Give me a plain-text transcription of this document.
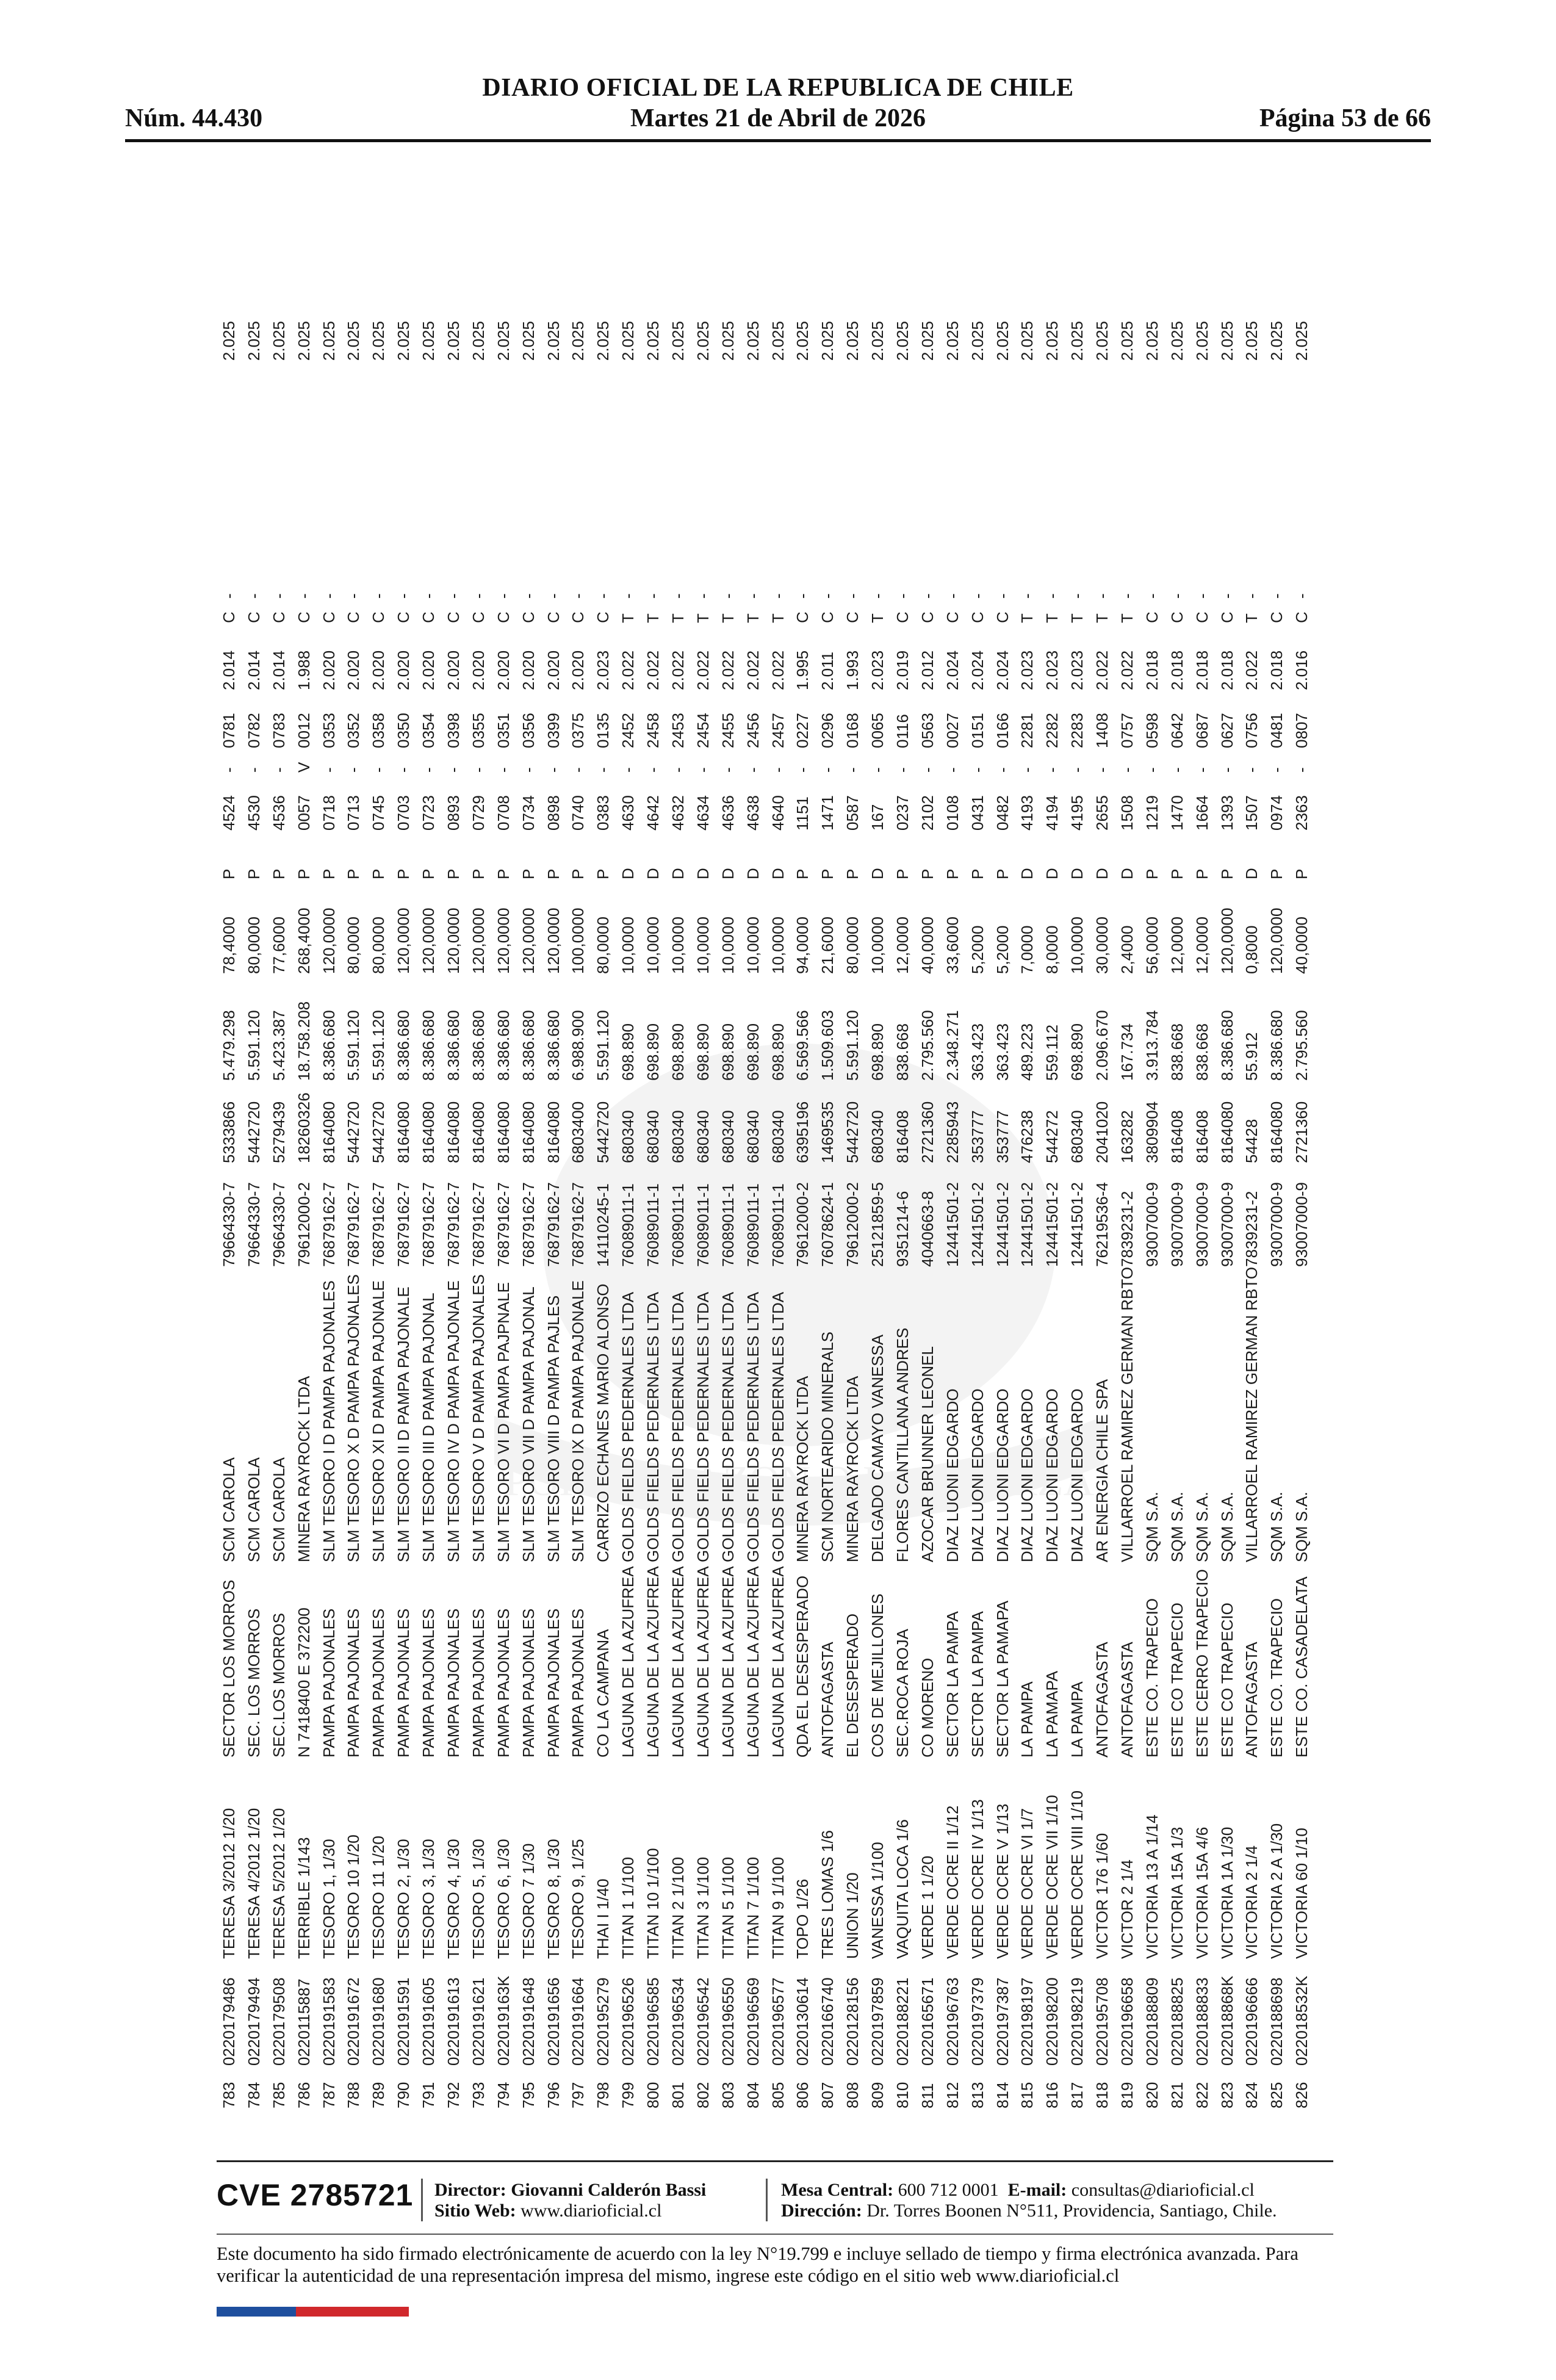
DIARIO OFICIAL DE LA REPUBLICA DE CHILE
Núm. 44.430	Martes 21 de Abril de 2026	Página 53 de 66
POR LA RAZON O LA FUERZA
783	0220179486	TERESA 3/2012 1/20	SECTOR LOS MORROS	SCM CAROLA	79664330-7	5333866	5.479.298	78,4000	P	4524	-	0781	2.014	C	-	2.025
784	0220179494	TERESA 4/2012 1/20	SEC. LOS MORROS	SCM CAROLA	79664330-7	5442720	5.591.120	80,0000	P	4530	-	0782	2.014	C	-	2.025
785	0220179508	TERESA 5/2012 1/20	SEC.LOS MORROS	SCM CAROLA	79664330-7	5279439	5.423.387	77,6000	P	4536	-	0783	2.014	C	-	2.025
786	0220115887	TERRIBLE 1/143	N 7418400 E 372200	MINERA RAYROCK LTDA	79612000-2	18260326	18.758.208	268,4000	P	0057	V	0012	1.988	C	-	2.025
787	0220191583	TESORO 1, 1/30	PAMPA PAJONALES	SLM TESORO I D PAMPA PAJONALES	76879162-7	8164080	8.386.680	120,0000	P	0718	-	0353	2.020	C	-	2.025
788	0220191672	TESORO 10 1/20	PAMPA PAJONALES	SLM TESORO X D PAMPA PAJONALES	76879162-7	5442720	5.591.120	80,0000	P	0713	-	0352	2.020	C	-	2.025
789	0220191680	TESORO 11 1/20	PAMPA PAJONALES	SLM TESORO XI D PAMPA PAJONALE	76879162-7	5442720	5.591.120	80,0000	P	0745	-	0358	2.020	C	-	2.025
790	0220191591	TESORO 2, 1/30	PAMPA PAJONALES	SLM TESORO II D PAMPA PAJONALE	76879162-7	8164080	8.386.680	120,0000	P	0703	-	0350	2.020	C	-	2.025
791	0220191605	TESORO 3, 1/30	PAMPA PAJONALES	SLM TESORO III D PAMPA PAJONAL	76879162-7	8164080	8.386.680	120,0000	P	0723	-	0354	2.020	C	-	2.025
792	0220191613	TESORO 4, 1/30	PAMPA PAJONALES	SLM TESORO IV D PAMPA PAJONALE	76879162-7	8164080	8.386.680	120,0000	P	0893	-	0398	2.020	C	-	2.025
793	0220191621	TESORO 5, 1/30	PAMPA PAJONALES	SLM TESORO V D PAMPA PAJONALES	76879162-7	8164080	8.386.680	120,0000	P	0729	-	0355	2.020	C	-	2.025
794	022019163K	TESORO 6, 1/30	PAMPA PAJONALES	SLM TESORO VI D PAMPA PAJPNALE	76879162-7	8164080	8.386.680	120,0000	P	0708	-	0351	2.020	C	-	2.025
795	0220191648	TESORO 7 1/30	PAMPA PAJONALES	SLM TESORO VII D PAMPA PAJONAL	76879162-7	8164080	8.386.680	120,0000	P	0734	-	0356	2.020	C	-	2.025
796	0220191656	TESORO 8, 1/30	PAMPA PAJONALES	SLM TESORO VIII D PAMPA PAJLES	76879162-7	8164080	8.386.680	120,0000	P	0898	-	0399	2.020	C	-	2.025
797	0220191664	TESORO 9, 1/25	PAMPA PAJONALES	SLM TESORO IX D PAMPA PAJONALE	76879162-7	6803400	6.988.900	100,0000	P	0740	-	0375	2.020	C	-	2.025
798	0220195279	THAI I 1/40	CO LA CAMPANA	CARRIZO ECHANES MARIO ALONSO	14110245-1	5442720	5.591.120	80,0000	P	0383	-	0135	2.023	C	-	2.025
799	0220196526	TITAN 1 1/100	LAGUNA DE LA AZUFREA	GOLDS FIELDS PEDERNALES LTDA	76089011-1	680340	698.890	10,0000	D	4630	-	2452	2.022	T	-	2.025
800	0220196585	TITAN 10 1/100	LAGUNA DE LA AZUFREA	GOLDS FIELDS PEDERNALES LTDA	76089011-1	680340	698.890	10,0000	D	4642	-	2458	2.022	T	-	2.025
801	0220196534	TITAN 2 1/100	LAGUNA DE LA AZUFREA	GOLDS FIELDS PEDERNALES LTDA	76089011-1	680340	698.890	10,0000	D	4632	-	2453	2.022	T	-	2.025
802	0220196542	TITAN 3 1/100	LAGUNA DE LA AZUFREA	GOLDS FIELDS PEDERNALES LTDA	76089011-1	680340	698.890	10,0000	D	4634	-	2454	2.022	T	-	2.025
803	0220196550	TITAN 5 1/100	LAGUNA DE LA AZUFREA	GOLDS FIELDS PEDERNALES LTDA	76089011-1	680340	698.890	10,0000	D	4636	-	2455	2.022	T	-	2.025
804	0220196569	TITAN 7 1/100	LAGUNA DE LA AZUFREA	GOLDS FIELDS PEDERNALES LTDA	76089011-1	680340	698.890	10,0000	D	4638	-	2456	2.022	T	-	2.025
805	0220196577	TITAN 9 1/100	LAGUNA DE LA AZUFREA	GOLDS FIELDS PEDERNALES LTDA	76089011-1	680340	698.890	10,0000	D	4640	-	2457	2.022	T	-	2.025
806	0220130614	TOPO 1/26	QDA EL DESESPERADO	MINERA RAYROCK LTDA	79612000-2	6395196	6.569.566	94,0000	P	1151	-	0227	1.995	C	-	2.025
807	0220166740	TRES LOMAS 1/6	ANTOFAGASTA	SCM NORTEARIDO MINERALS	76078624-1	1469535	1.509.603	21,6000	P	1471	-	0296	2.011	C	-	2.025
808	0220128156	UNION 1/20	EL DESESPERADO	MINERA RAYROCK LTDA	79612000-2	5442720	5.591.120	80,0000	P	0587	-	0168	1.993	C	-	2.025
809	0220197859	VANESSA 1/100	COS DE MEJILLONES	DELGADO CAMAYO VANESSA	25121859-5	680340	698.890	10,0000	D	167	-	0065	2.023	T	-	2.025
810	0220188221	VAQUITA LOCA 1/6	SEC.ROCA ROJA	FLORES CANTILLANA ANDRES	9351214-6	816408	838.668	12,0000	P	0237	-	0116	2.019	C	-	2.025
811	0220165671	VERDE 1 1/20	CO MORENO	AZOCAR BRUNNER LEONEL	4040663-8	2721360	2.795.560	40,0000	P	2102	-	0563	2.012	C	-	2.025
812	0220196763	VERDE OCRE II 1/12	SECTOR LA PAMPA	DIAZ LUONI EDGARDO	12441501-2	2285943	2.348.271	33,6000	P	0108	-	0027	2.024	C	-	2.025
813	0220197379	VERDE OCRE IV 1/13	SECTOR LA PAMPA	DIAZ LUONI EDGARDO	12441501-2	353777	363.423	5,2000	P	0431	-	0151	2.024	C	-	2.025
814	0220197387	VERDE OCRE V 1/13	SECTOR LA PAMAPA	DIAZ LUONI EDGARDO	12441501-2	353777	363.423	5,2000	P	0482	-	0166	2.024	C	-	2.025
815	0220198197	VERDE OCRE VI 1/7	LA PAMPA	DIAZ LUONI EDGARDO	12441501-2	476238	489.223	7,0000	D	4193	-	2281	2.023	T	-	2.025
816	0220198200	VERDE OCRE VII 1/10	LA PAMAPA	DIAZ LUONI EDGARDO	12441501-2	544272	559.112	8,0000	D	4194	-	2282	2.023	T	-	2.025
817	0220198219	VERDE OCRE VIII 1/10	LA PAMPA	DIAZ LUONI EDGARDO	12441501-2	680340	698.890	10,0000	D	4195	-	2283	2.023	T	-	2.025
818	0220195708	VICTOR 176 1/60	ANTOFAGASTA	AR ENERGIA CHILE SPA	76219536-4	2041020	2.096.670	30,0000	D	2655	-	1408	2.022	T	-	2.025
819	0220196658	VICTOR 2 1/4	ANTOFAGASTA	VILLARROEL RAMIREZ GERMAN RBTO	7839231-2	163282	167.734	2,4000	D	1508	-	0757	2.022	T	-	2.025
820	0220188809	VICTORIA 13 A 1/14	ESTE CO. TRAPECIO	SQM S.A.	93007000-9	3809904	3.913.784	56,0000	P	1219	-	0598	2.018	C	-	2.025
821	0220188825	VICTORIA 15A 1/3	ESTE CO TRAPECIO	SQM S.A.	93007000-9	816408	838.668	12,0000	P	1470	-	0642	2.018	C	-	2.025
822	0220188833	VICTORIA 15A 4/6	ESTE CERRO TRAPECIO	SQM S.A.	93007000-9	816408	838.668	12,0000	P	1664	-	0687	2.018	C	-	2.025
823	022018868K	VICTORIA 1A 1/30	ESTE CO TRAPECIO	SQM S.A.	93007000-9	8164080	8.386.680	120,0000	P	1393	-	0627	2.018	C	-	2.025
824	0220196666	VICTORIA 2 1/4	ANTOFAGASTA	VILLARROEL RAMIREZ GERMAN RBTO	7839231-2	54428	55.912	0,8000	D	1507	-	0756	2.022	T	-	2.025
825	0220188698	VICTORIA 2 A 1/30	ESTE CO. TRAPECIO	SQM S.A.	93007000-9	8164080	8.386.680	120,0000	P	0974	-	0481	2.018	C	-	2.025
826	022018532K	VICTORIA 60 1/10	ESTE CO. CASADELATA	SQM S.A.	93007000-9	2721360	2.795.560	40,0000	P	2363	-	0807	2.016	C	-	2.025
CVE 2785721 Director: Giovanni Calderón Bassi
Sitio Web: www.diarioficial.cl
Mesa Central: 600 712 0001 E-mail: consultas@diarioficial.cl
Dirección: Dr. Torres Boonen N°511, Providencia, Santiago, Chile.
Este documento ha sido firmado electrónicamente de acuerdo con la ley N°19.799 e incluye sellado de tiempo y firma electrónica avanzada. Para verificar la autenticidad de una representación impresa del mismo, ingrese este código en el sitio web www.diarioficial.cl
